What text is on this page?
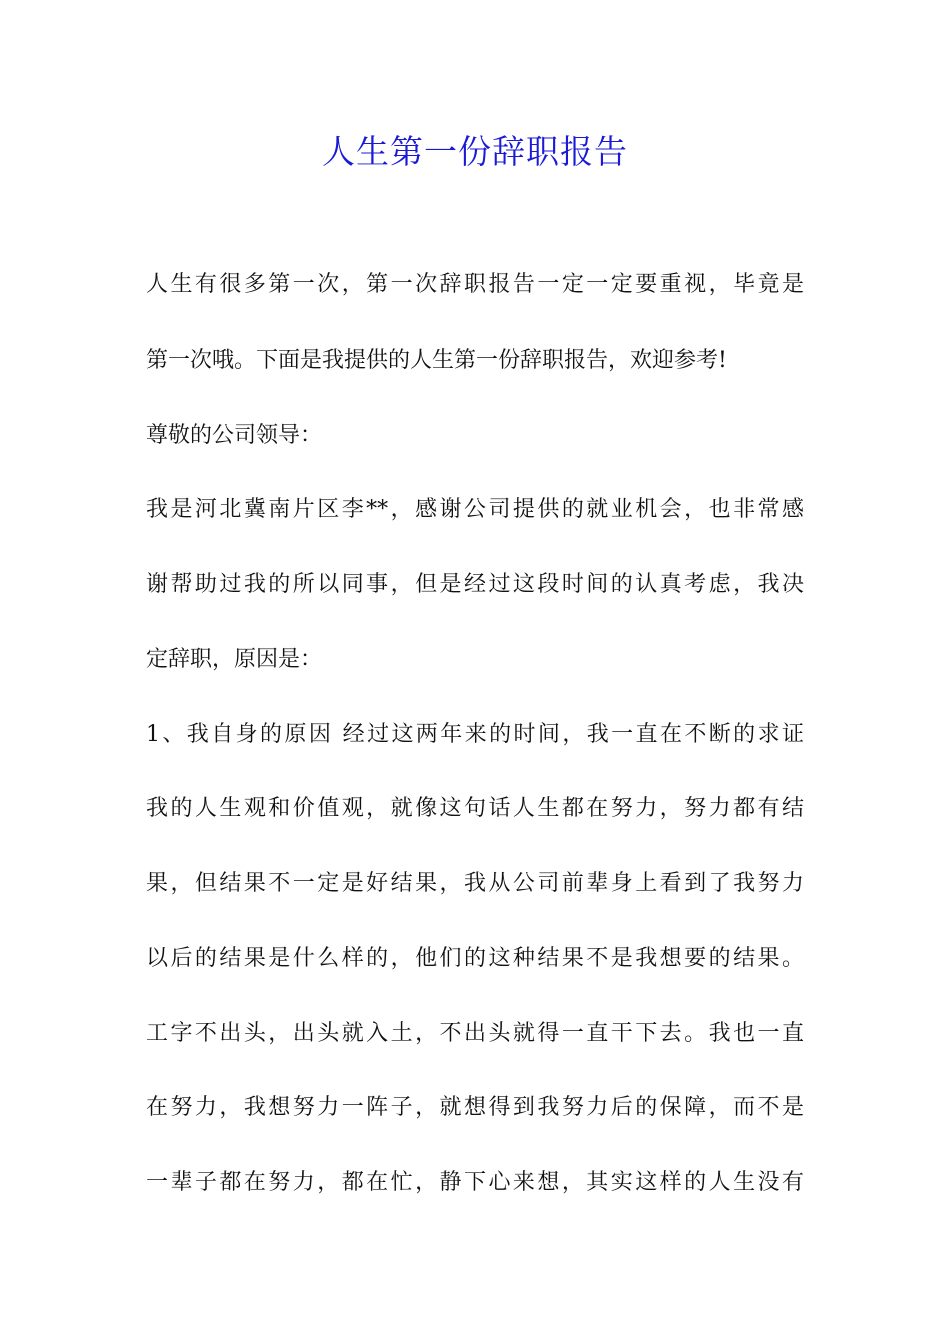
人生第一份辞职报告
人生有很多第一次，第一次辞职报告一定一定要重视，毕竟是
第一次哦。下面是我提供的人生第一份辞职报告，欢迎参考!
尊敬的公司领导：
我是河北冀南片区李**，感谢公司提供的就业机会，也非常感
谢帮助过我的所以同事，但是经过这段时间的认真考虑，我决
定辞职，原因是：
1、我自身的原因 经过这两年来的时间，我一直在不断的求证
我的人生观和价值观，就像这句话人生都在努力，努力都有结
果，但结果不一定是好结果，我从公司前辈身上看到了我努力
以后的结果是什么样的，他们的这种结果不是我想要的结果。
工字不出头，出头就入土，不出头就得一直干下去。我也一直
在努力，我想努力一阵子，就想得到我努力后的保障，而不是
一辈子都在努力，都在忙，静下心来想，其实这样的人生没有
